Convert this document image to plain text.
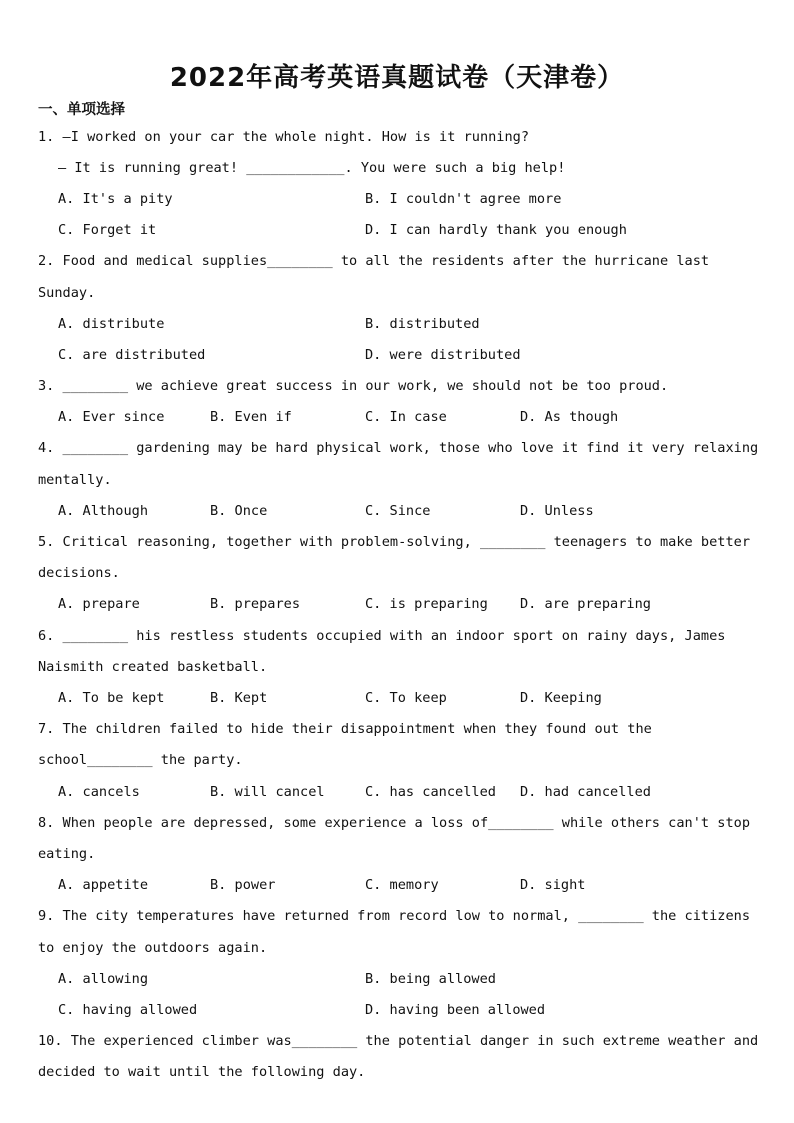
2022年高考英语真题试卷（天津卷）
一、单项选择
1. —I worked on your car the whole night. How is it running?
— It is running great! ____________. You were such a big help!
A. It's a pity	B. I couldn't agree more
C. Forget it	D. I can hardly thank you enough
2. Food and medical supplies________ to all the residents after the hurricane last
Sunday.
A. distribute	B. distributed
C. are distributed	D. were distributed
3. ________ we achieve great success in our work, we should not be too proud.
A. Ever since	B. Even if	C. In case	D. As though
4. ________ gardening may be hard physical work, those who love it find it very relaxing
mentally.
A. Although	B. Once	C. Since	D. Unless
5. Critical reasoning, together with problem-solving, ________ teenagers to make better
decisions.
A. prepare	B. prepares	C. is preparing D. are preparing
6. ________ his restless students occupied with an indoor sport on rainy days, James
Naismith created basketball.
A. To be kept	B. Kept	C. To keep	D. Keeping
7. The children failed to hide their disappointment when they found out the
school________ the party.
A. cancels	B. will cancel	C. has cancelled D. had cancelled
8. When people are depressed, some experience a loss of________ while others can't stop
eating.
A. appetite	B. power	C. memory	D. sight
9. The city temperatures have returned from record low to normal, ________ the citizens
to enjoy the outdoors again.
A. allowing	B. being allowed
C. having allowed	D. having been allowed
10. The experienced climber was________ the potential danger in such extreme weather and
decided to wait until the following day.
